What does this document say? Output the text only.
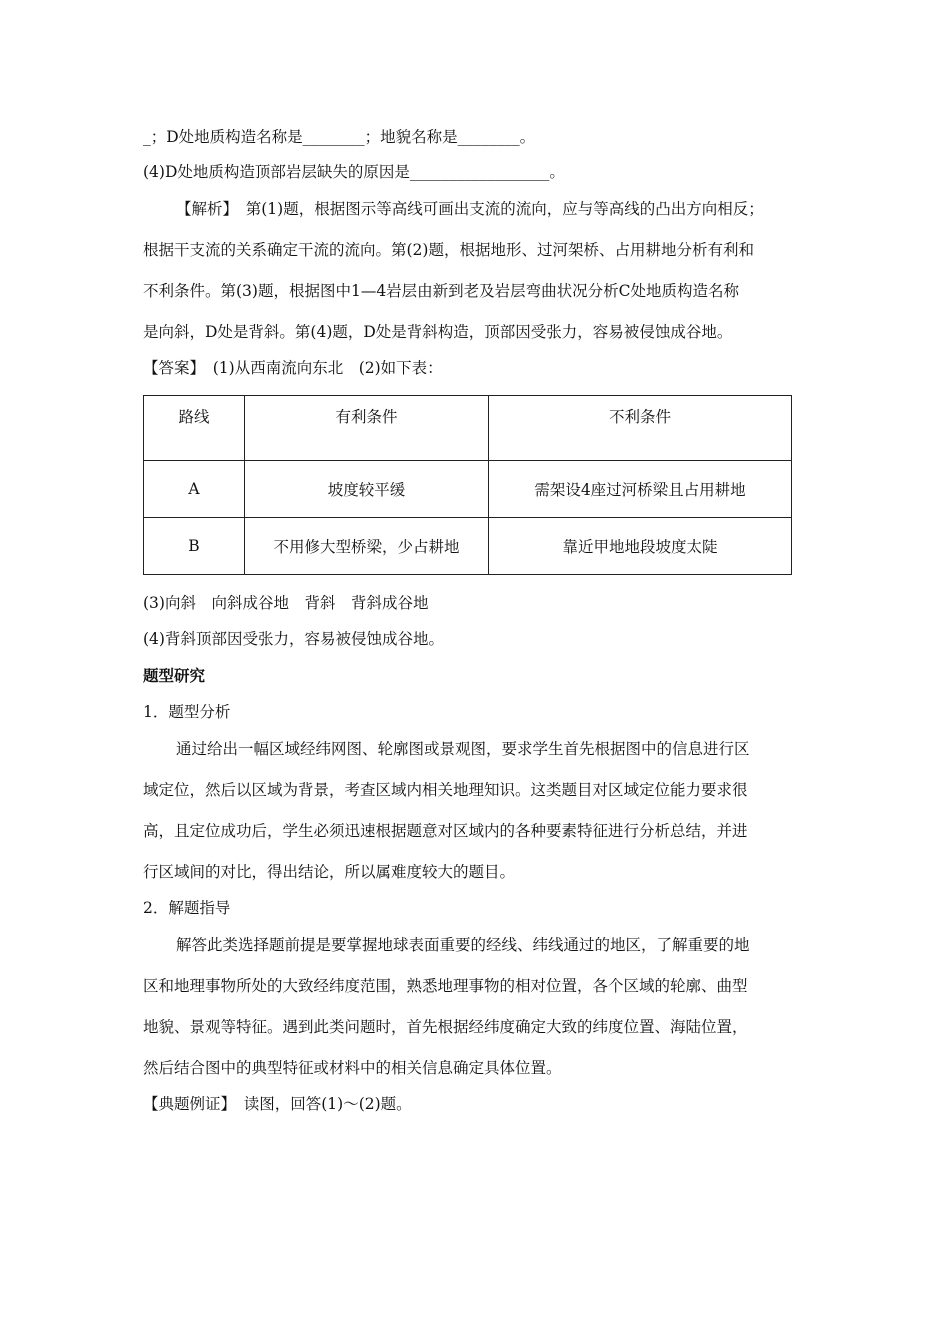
_；D处地质构造名称是________；地貌名称是________。
(4)D处地质构造顶部岩层缺失的原因是__________________。
【解析】　第(1)题，根据图示等高线可画出支流的流向，应与等高线的凸出方向相反；
根据干支流的关系确定干流的流向。第(2)题，根据地形、过河架桥、占用耕地分析有利和
不利条件。第(3)题，根据图中1—4岩层由新到老及岩层弯曲状况分析C处地质构造名称
是向斜，D处是背斜。第(4)题，D处是背斜构造，顶部因受张力，容易被侵蚀成谷地。
【答案】　(1)从西南流向东北　(2)如下表：
路线	有利条件	不利条件
A	坡度较平缓	需架设4座过河桥梁且占用耕地
B	不用修大型桥梁，少占耕地	靠近甲地地段坡度太陡
(3)向斜　向斜成谷地　背斜　背斜成谷地
(4)背斜顶部因受张力，容易被侵蚀成谷地。
题型研究
1．题型分析
通过给出一幅区域经纬网图、轮廓图或景观图，要求学生首先根据图中的信息进行区
域定位，然后以区域为背景，考查区域内相关地理知识。这类题目对区域定位能力要求很
高，且定位成功后，学生必须迅速根据题意对区域内的各种要素特征进行分析总结，并进
行区域间的对比，得出结论，所以属难度较大的题目。
2．解题指导
解答此类选择题前提是要掌握地球表面重要的经线、纬线通过的地区，了解重要的地
区和地理事物所处的大致经纬度范围，熟悉地理事物的相对位置，各个区域的轮廓、曲型
地貌、景观等特征。遇到此类问题时，首先根据经纬度确定大致的纬度位置、海陆位置，
然后结合图中的典型特征或材料中的相关信息确定具体位置。
【典题例证】　读图，回答(1)～(2)题。
